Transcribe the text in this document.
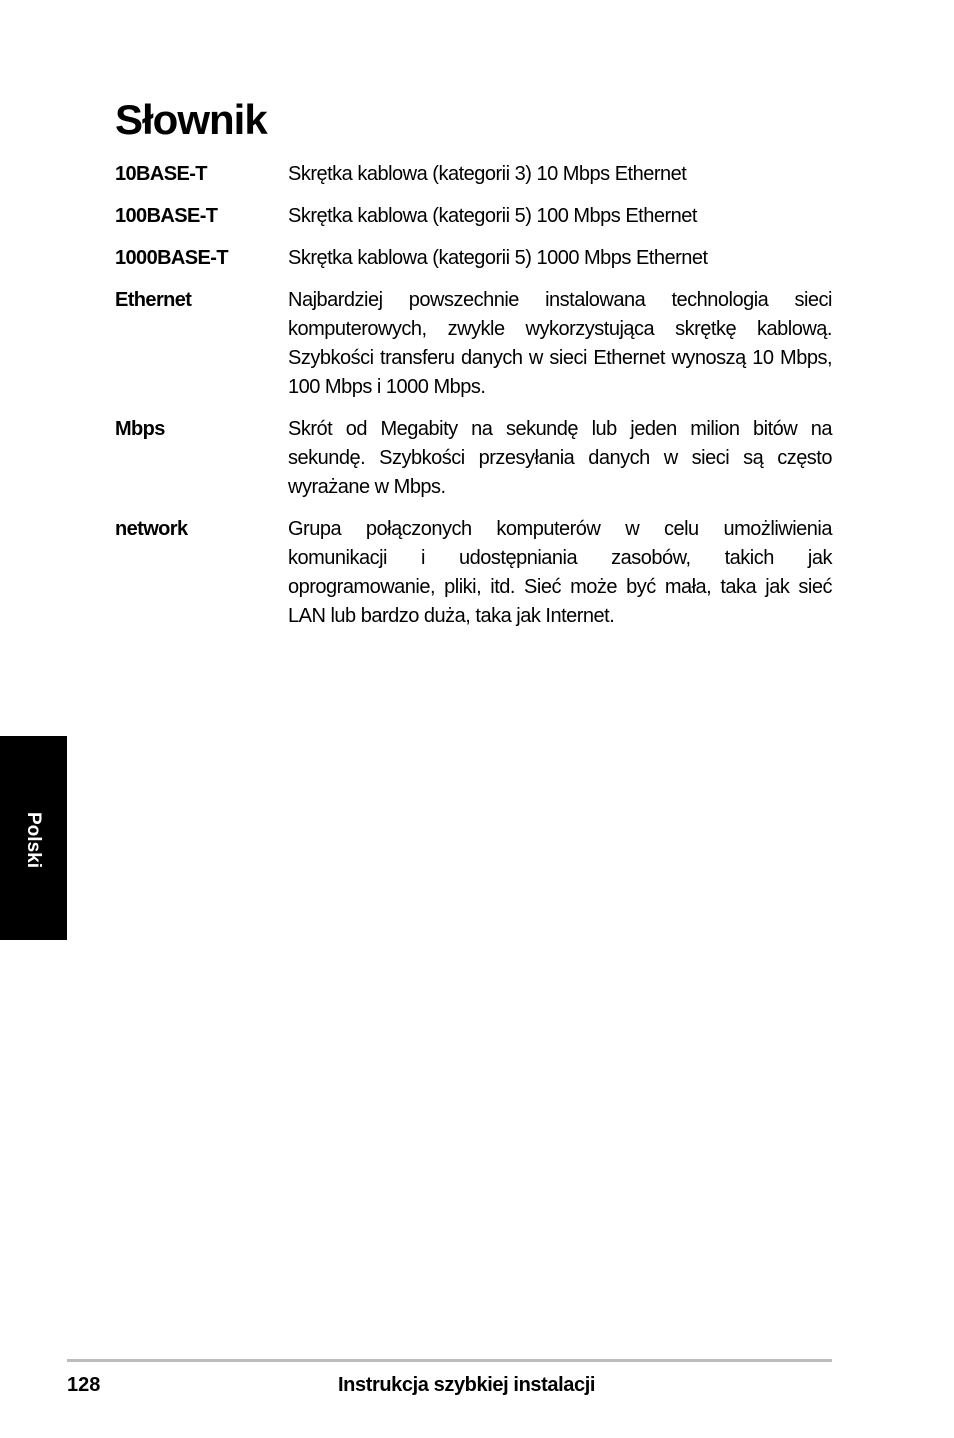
Słownik
10BASE-T	Skrętka kablowa (kategorii 3) 10 Mbps Ethernet
100BASE-T	Skrętka kablowa (kategorii 5) 100 Mbps Ethernet
1000BASE-T	Skrętka kablowa (kategorii 5) 1000 Mbps Ethernet
Ethernet	Najbardziej powszechnie instalowana technologia sieci komputerowych, zwykle wykorzystująca skrętkę kablową. Szybkości transferu danych w sieci Ethernet wynoszą 10 Mbps, 100 Mbps i 1000 Mbps.
Mbps	Skrót od Megabity na sekundę lub jeden milion bitów na sekundę. Szybkości przesyłania danych w sieci są często wyrażane w Mbps.
network	Grupa połączonych komputerów w celu umożliwienia komunikacji i udostępniania zasobów, takich jak oprogramowanie, pliki, itd. Sieć może być mała, taka jak sieć LAN lub bardzo duża, taka jak Internet.
Polski
128	Instrukcja szybkiej instalacji
